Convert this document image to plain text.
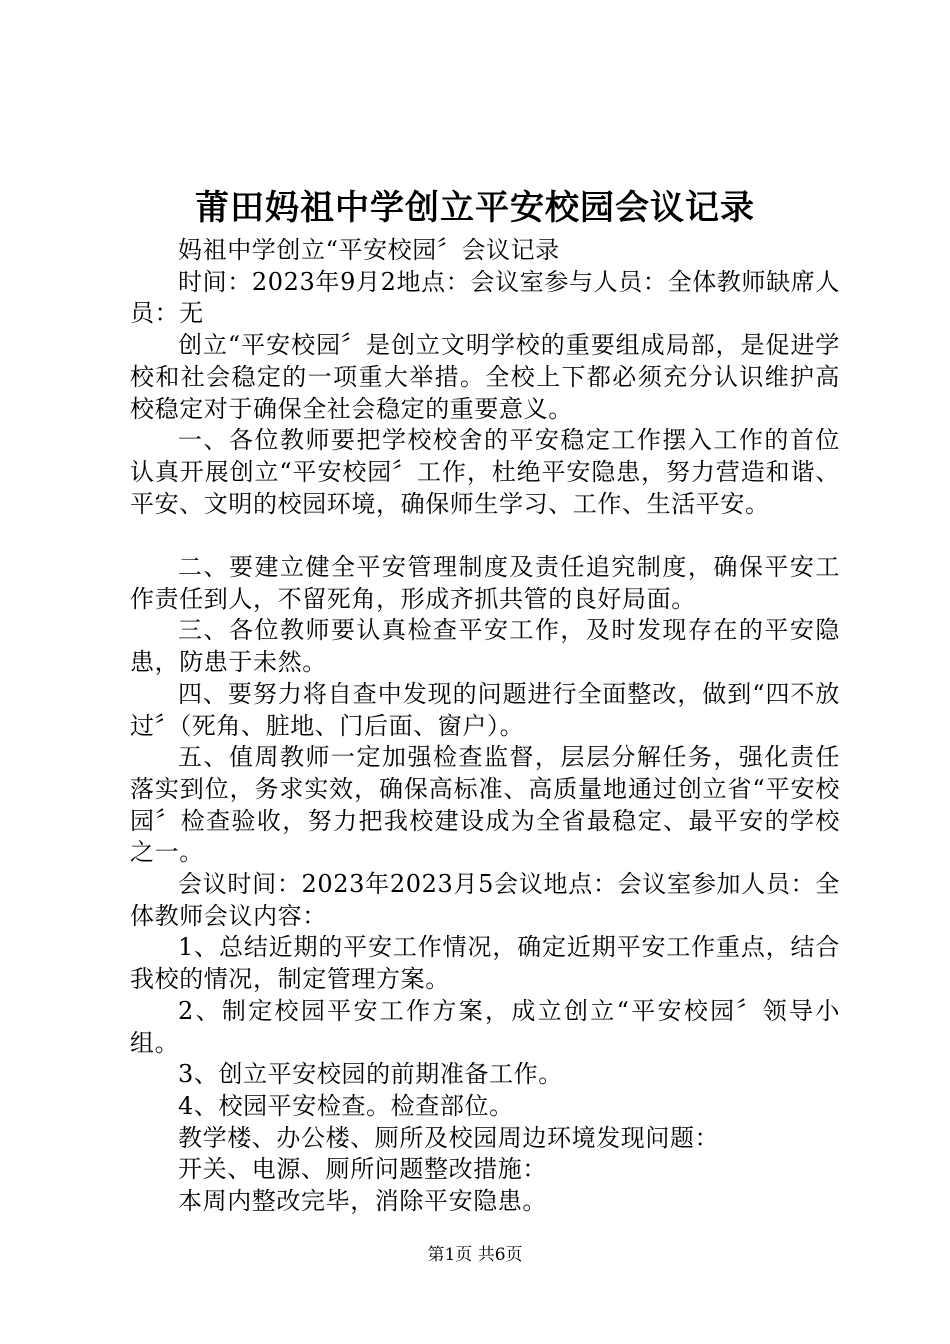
莆田妈祖中学创立平安校园会议记录

妈祖中学创立“平安校园〞会议记录

时间：2023年9月2地点：会议室参与人员：全体教师缺席人员：无

创立“平安校园〞是创立文明学校的重要组成局部，是促进学校和社会稳定的一项重大举措。全校上下都必须充分认识维护高校稳定对于确保全社会稳定的重要意义。

一、各位教师要把学校校舍的平安稳定工作摆入工作的首位认真开展创立“平安校园〞工作，杜绝平安隐患，努力营造和谐、平安、文明的校园环境，确保师生学习、工作、生活平安。

二、要建立健全平安管理制度及责任追究制度，确保平安工作责任到人，不留死角，形成齐抓共管的良好局面。

三、各位教师要认真检查平安工作，及时发现存在的平安隐患，防患于未然。

四、要努力将自查中发现的问题进行全面整改，做到“四不放过〞（死角、脏地、门后面、窗户）。

五、值周教师一定加强检查监督，层层分解任务，强化责任落实到位，务求实效，确保高标准、高质量地通过创立省“平安校园〞检查验收，努力把我校建设成为全省最稳定、最平安的学校之一。

会议时间：2023年2023月5会议地点：会议室参加人员：全体教师会议内容：

1、总结近期的平安工作情况，确定近期平安工作重点，结合我校的情况，制定管理方案。

2、制定校园平安工作方案，成立创立“平安校园〞领导小组。

3、创立平安校园的前期准备工作。

4、校园平安检查。检查部位。

教学楼、办公楼、厕所及校园周边环境发现问题：

开关、电源、厕所问题整改措施：

本周内整改完毕，消除平安隐患。

第1页 共6页
